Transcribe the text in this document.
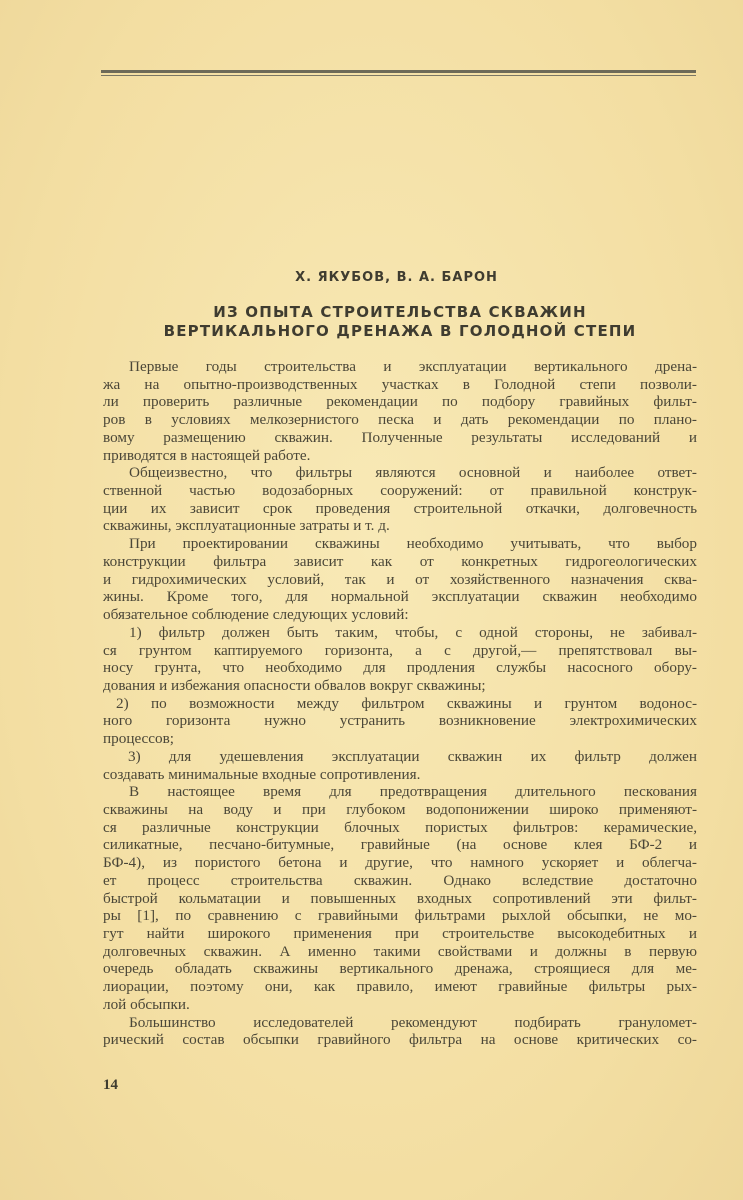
Х. ЯКУБОВ, В. А. БАРОН
ИЗ ОПЫТА СТРОИТЕЛЬСТВА СКВАЖИН
ВЕРТИКАЛЬНОГО ДРЕНАЖА В ГОЛОДНОЙ СТЕПИ
Первые годы строительства и эксплуатации вертикального дрена-
жа на опытно-производственных участках в Голодной степи позволи-
ли проверить различные рекомендации по подбору гравийных фильт-
ров в условиях мелкозернистого песка и дать рекомендации по плано-
вому размещению скважин. Полученные результаты исследований и
приводятся в настоящей работе.
Общеизвестно, что фильтры являются основной и наиболее ответ-
ственной частью водозаборных сооружений: от правильной конструк-
ции их зависит срок проведения строительной откачки, долговечность
скважины, эксплуатационные затраты и т. д.
При проектировании скважины необходимо учитывать, что выбор
конструкции фильтра зависит как от конкретных гидрогеологических
и гидрохимических условий, так и от хозяйственного назначения сква-
жины. Кроме того, для нормальной эксплуатации скважин необходимо
обязательное соблюдение следующих условий:
1) фильтр должен быть таким, чтобы, с одной стороны, не забивал-
ся грунтом каптируемого горизонта, а с другой,— препятствовал вы-
носу грунта, что необходимо для продления службы насосного обору-
дования и избежания опасности обвалов вокруг скважины;
2) по возможности между фильтром скважины и грунтом водонос-
ного горизонта нужно устранить возникновение электрохимических
процессов;
3) для удешевления эксплуатации скважин их фильтр должен
создавать минимальные входные сопротивления.
В настоящее время для предотвращения длительного пескования
скважины на воду и при глубоком водопонижении широко применяют-
ся различные конструкции блочных пористых фильтров: керамические,
силикатные, песчано-битумные, гравийные (на основе клея БФ-2 и
БФ-4), из пористого бетона и другие, что намного ускоряет и облегча-
ет процесс строительства скважин. Однако вследствие достаточно
быстрой кольматации и повышенных входных сопротивлений эти фильт-
ры [1], по сравнению с гравийными фильтрами рыхлой обсыпки, не мо-
гут найти широкого применения при строительстве высокодебитных и
долговечных скважин. А именно такими свойствами и должны в первую
очередь обладать скважины вертикального дренажа, строящиеся для ме-
лиорации, поэтому они, как правило, имеют гравийные фильтры рых-
лой обсыпки.
Большинство исследователей рекомендуют подбирать грануломет-
рический состав обсыпки гравийного фильтра на основе критических со-
14
